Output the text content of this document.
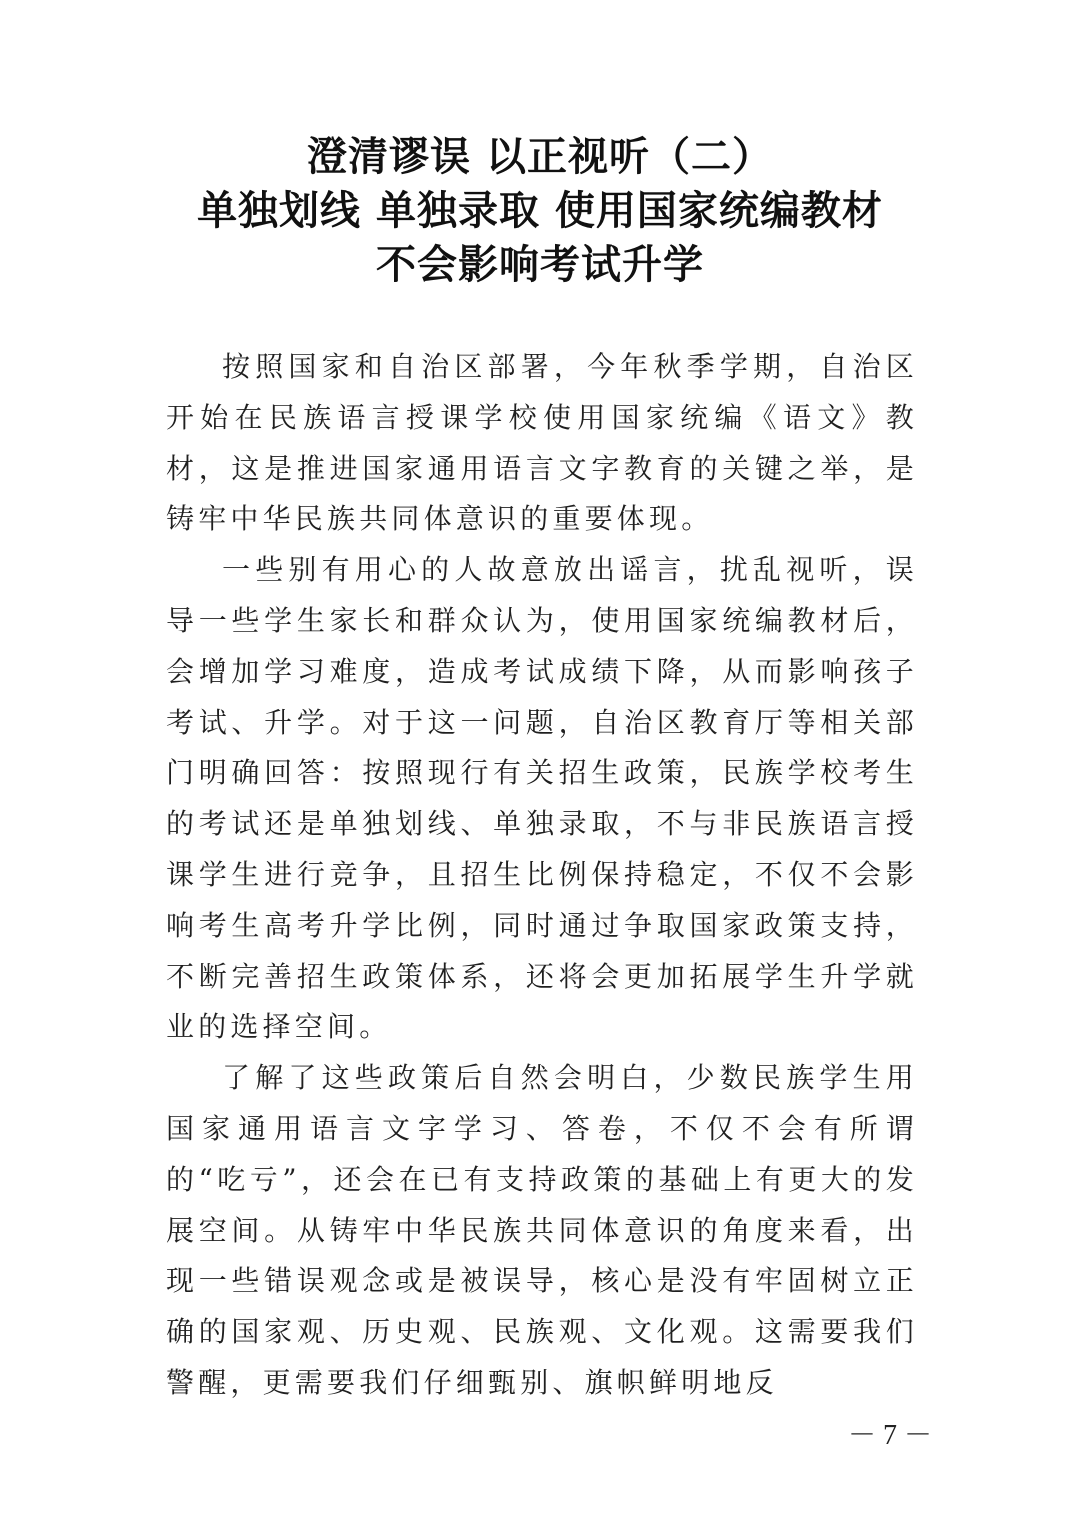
澄清谬误 以正视听（二）
单独划线 单独录取 使用国家统编教材
不会影响考试升学

按照国家和自治区部署，今年秋季学期，自治区开始在民族语言授课学校使用国家统编《语文》教材，这是推进国家通用语言文字教育的关键之举，是铸牢中华民族共同体意识的重要体现。

一些别有用心的人故意放出谣言，扰乱视听，误导一些学生家长和群众认为，使用国家统编教材后，会增加学习难度，造成考试成绩下降，从而影响孩子考试、升学。对于这一问题，自治区教育厅等相关部门明确回答：按照现行有关招生政策，民族学校考生的考试还是单独划线、单独录取，不与非民族语言授课学生进行竞争，且招生比例保持稳定，不仅不会影响考生高考升学比例，同时通过争取国家政策支持，不断完善招生政策体系，还将会更加拓展学生升学就业的选择空间。

了解了这些政策后自然会明白，少数民族学生用国家通用语言文字学习、答卷，不仅不会有所谓的“吃亏”，还会在已有支持政策的基础上有更大的发展空间。从铸牢中华民族共同体意识的角度来看，出现一些错误观念或是被误导，核心是没有牢固树立正确的国家观、历史观、民族观、文化观。这需要我们警醒，更需要我们仔细甄别、旗帜鲜明地反

－ 7 －
